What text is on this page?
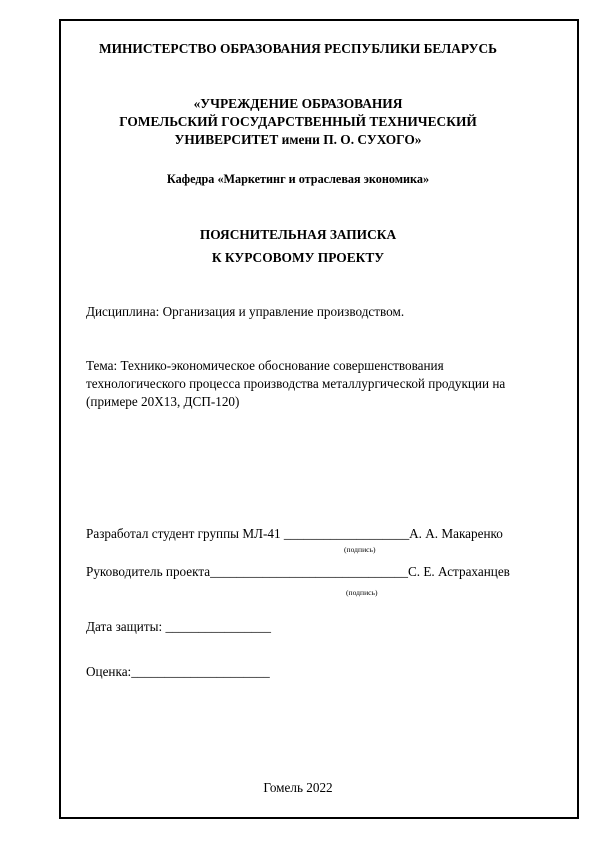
МИНИСТЕРСТВО ОБРАЗОВАНИЯ РЕСПУБЛИКИ БЕЛАРУСЬ
«УЧРЕЖДЕНИЕ ОБРАЗОВАНИЯ
ГОМЕЛЬСКИЙ ГОСУДАРСТВЕННЫЙ ТЕХНИЧЕСКИЙ
УНИВЕРСИТЕТ имени П. О. СУХОГО»
Кафедра «Маркетинг и отраслевая экономика»
ПОЯСНИТЕЛЬНАЯ ЗАПИСКА
К КУРСОВОМУ ПРОЕКТУ
Дисциплина: Организация и управление производством.
Тема: Технико-экономическое обоснование совершенствования
технологического процесса производства металлургической продукции на
(примере 20Х13, ДСП-120)
Разработал студент группы МЛ-41 ___________________А. А. Макаренко
(подпись)
Руководитель проекта______________________________С. Е. Астраханцев
(подпись)
Дата защиты: ________________
Оценка:_____________________
Гомель 2022
